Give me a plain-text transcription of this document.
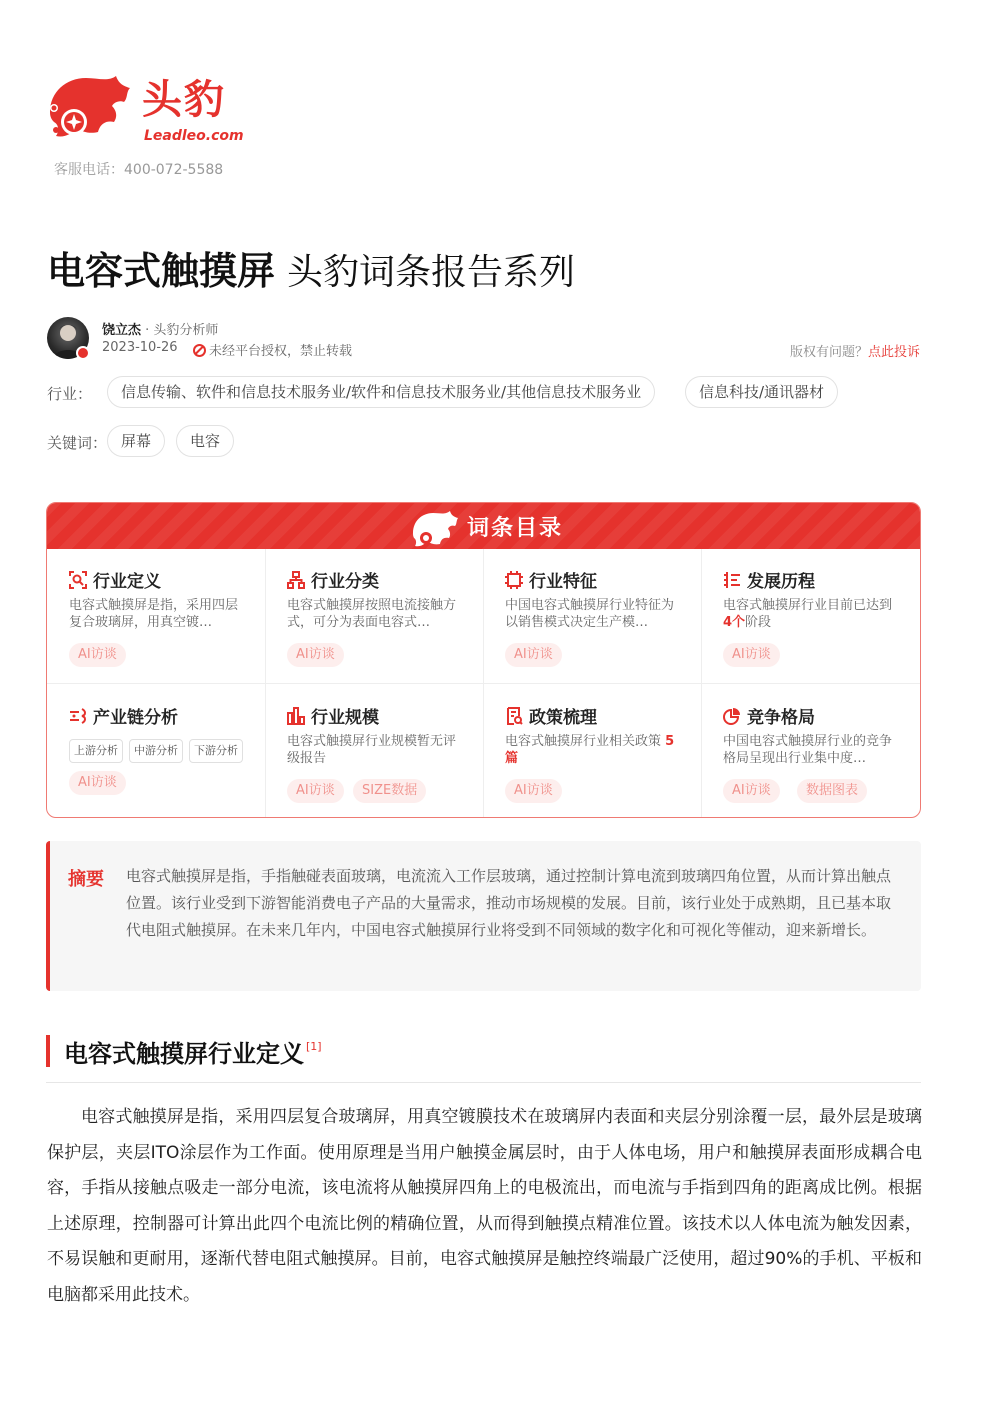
头豹
Leadleo.com
客服电话：400-072-5588
电容式触摸屏 头豹词条报告系列
饶立杰 · 头豹分析师
2023-10-26	未经平台授权，禁止转载	版权有问题？点此投诉
行业：	信息传输、软件和信息技术服务业/软件和信息技术服务业/其他信息技术服务业	信息科技/通讯器材
关键词： 屏幕	电容
词条目录
行业定义
电容式触摸屏是指，采用四层复合玻璃屏，用真空镀…
AI访谈
行业分类
电容式触摸屏按照电流接触方式，可分为表面电容式…
AI访谈
行业特征
中国电容式触摸屏行业特征为以销售模式决定生产模…
AI访谈
发展历程
电容式触摸屏行业目前已达到 4个阶段
AI访谈
产业链分析
上游分析	中游分析	下游分析
AI访谈
行业规模
电容式触摸屏行业规模暂无评级报告
AI访谈	SIZE数据
政策梳理
电容式触摸屏行业相关政策 5篇
AI访谈
竞争格局
中国电容式触摸屏行业的竞争格局呈现出行业集中度…
AI访谈	数据图表
摘要 电容式触摸屏是指，手指触碰表面玻璃，电流流入工作层玻璃，通过控制计算电流到玻璃四角位置，从而计算出触点位置。该行业受到下游智能消费电子产品的大量需求，推动市场规模的发展。目前，该行业处于成熟期，且已基本取代电阻式触摸屏。在未来几年内，中国电容式触摸屏行业将受到不同领域的数字化和可视化等催动，迎来新增长。
电容式触摸屏行业定义 [1]
电容式触摸屏是指，采用四层复合玻璃屏，用真空镀膜技术在玻璃屏内表面和夹层分别涂覆一层，最外层是玻璃保护层，夹层ITO涂层作为工作面。使用原理是当用户触摸金属层时，由于人体电场，用户和触摸屏表面形成耦合电容，手指从接触点吸走一部分电流，该电流将从触摸屏四角上的电极流出，而电流与手指到四角的距离成比例。根据上述原理，控制器可计算出此四个电流比例的精确位置，从而得到触摸点精准位置。该技术以人体电流为触发因素，不易误触和更耐用，逐渐代替电阻式触摸屏。目前，电容式触摸屏是触控终端最广泛使用，超过90%的手机、平板和电脑都采用此技术。
